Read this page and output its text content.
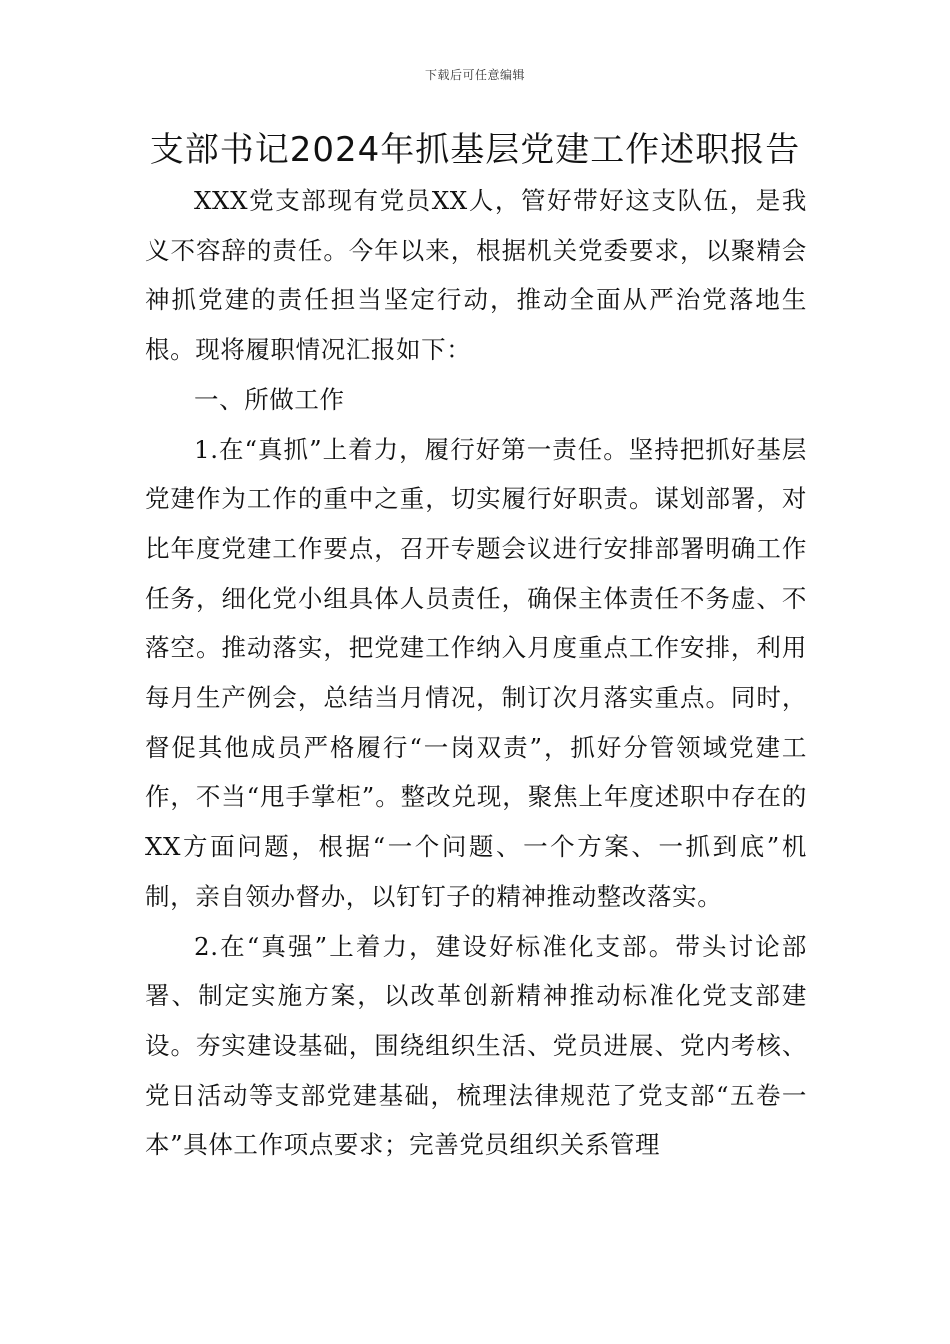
下载后可任意编辑
支部书记2024年抓基层党建工作述职报告

XXX党支部现有党员XX人，管好带好这支队伍，是我义不容辞的责任。今年以来，根据机关党委要求，以聚精会神抓党建的责任担当坚定行动，推动全面从严治党落地生根。现将履职情况汇报如下：

一、所做工作

1.在“真抓”上着力，履行好第一责任。坚持把抓好基层党建作为工作的重中之重，切实履行好职责。谋划部署，对比年度党建工作要点，召开专题会议进行安排部署明确工作任务，细化党小组具体人员责任，确保主体责任不务虚、不落空。推动落实，把党建工作纳入月度重点工作安排，利用每月生产例会，总结当月情况，制订次月落实重点。同时，督促其他成员严格履行“一岗双责”，抓好分管领域党建工作，不当“甩手掌柜”。整改兑现，聚焦上年度述职中存在的XX方面问题，根据“一个问题、一个方案、一抓到底”机制，亲自领办督办，以钉钉子的精神推动整改落实。

2.在“真强”上着力，建设好标准化支部。带头讨论部署、制定实施方案，以改革创新精神推动标准化党支部建设。夯实建设基础，围绕组织生活、党员进展、党内考核、党日活动等支部党建基础，梳理法律规范了党支部“五卷一本”具体工作项点要求；完善党员组织关系管理
